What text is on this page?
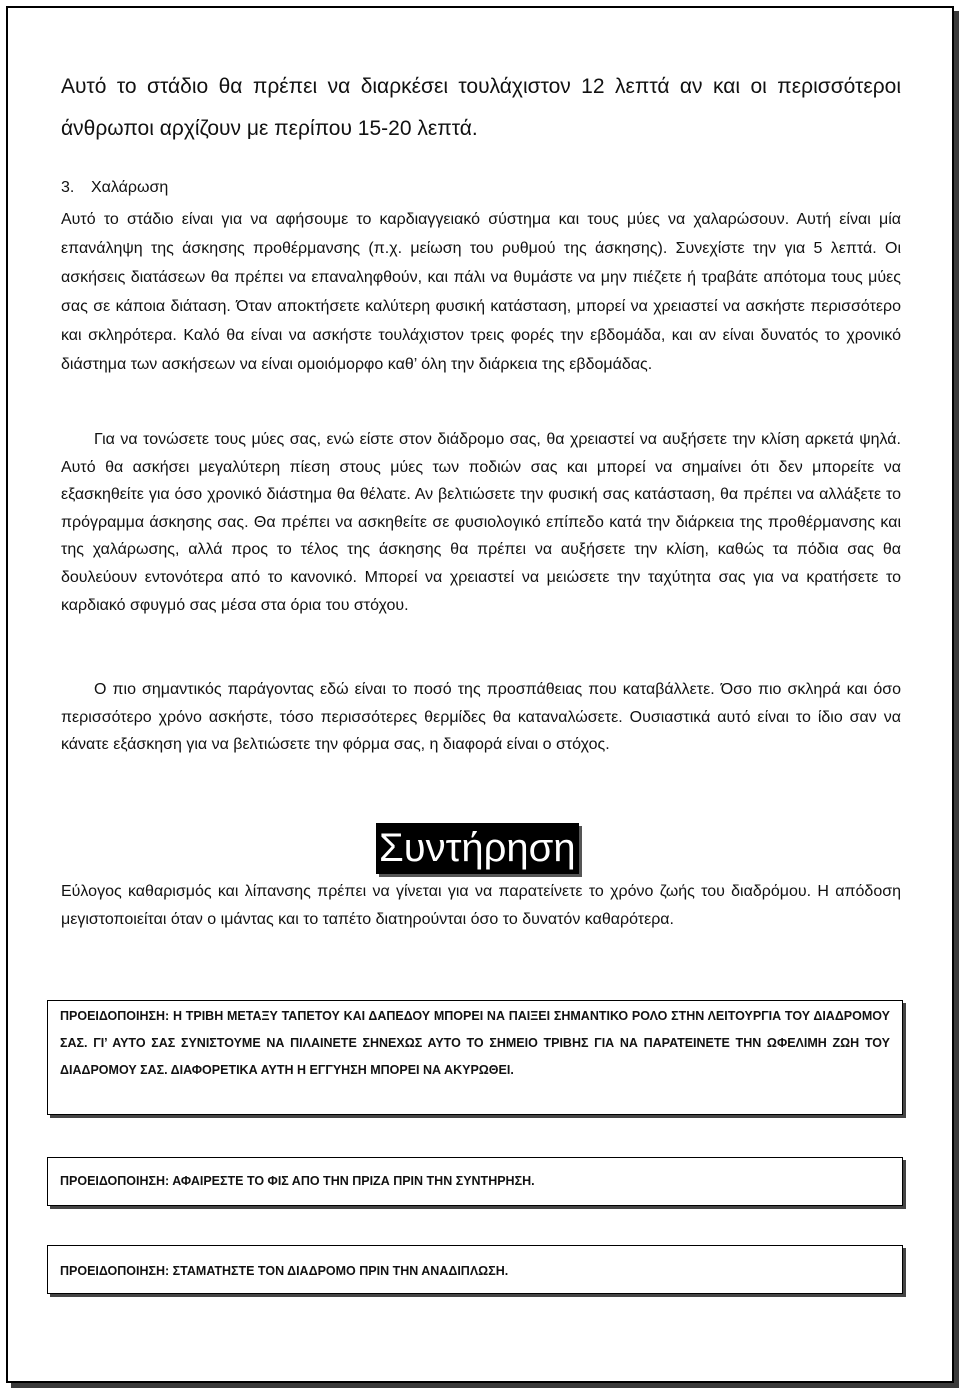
Αυτό το στάδιο θα πρέπει να διαρκέσει τουλάχιστον 12 λεπτά αν και οι περισσότεροι άνθρωποι αρχίζουν με περίπου 15-20 λεπτά.

3. Χαλάρωση

Αυτό το στάδιο είναι για να αφήσουμε το καρδιαγγειακό σύστημα και τους μύες να χαλαρώσουν. Αυτή είναι μία επανάληψη της άσκησης προθέρμανσης (π.χ. μείωση του ρυθμού της άσκησης). Συνεχίστε την για 5 λεπτά. Οι ασκήσεις διατάσεων θα πρέπει να επαναληφθούν, και πάλι να θυμάστε να μην πιέζετε ή τραβάτε απότομα τους μύες σας σε κάποια διάταση. Όταν αποκτήσετε καλύτερη φυσική κατάσταση, μπορεί να χρειαστεί να ασκήστε περισσότερο και σκληρότερα. Καλό θα είναι να ασκήστε τουλάχιστον τρεις φορές την εβδομάδα, και αν είναι δυνατός το χρονικό διάστημα των ασκήσεων να είναι ομοιόμορφο καθ’ όλη την διάρκεια της εβδομάδας.

Για να τονώσετε τους μύες σας, ενώ είστε στον διάδρομο σας, θα χρειαστεί να αυξήσετε την κλίση αρκετά ψηλά. Αυτό θα ασκήσει μεγαλύτερη πίεση στους μύες των ποδιών σας και μπορεί να σημαίνει ότι δεν μπορείτε να εξασκηθείτε για όσο χρονικό διάστημα θα θέλατε. Αν βελτιώσετε την φυσική σας κατάσταση, θα πρέπει να αλλάξετε το πρόγραμμα άσκησης σας. Θα πρέπει να ασκηθείτε σε φυσιολογικό επίπεδο κατά την διάρκεια της προθέρμανσης και της χαλάρωσης, αλλά προς το τέλος της άσκησης θα πρέπει να αυξήσετε την κλίση, καθώς τα πόδια σας θα δουλεύουν εντονότερα από το κανονικό. Μπορεί να χρειαστεί να μειώσετε την ταχύτητα σας για να κρατήσετε το καρδιακό σφυγμό σας μέσα στα όρια του στόχου.

Ο πιο σημαντικός παράγοντας εδώ είναι το ποσό της προσπάθειας που καταβάλλετε. Όσο πιο σκληρά και όσο περισσότερο χρόνο ασκήστε, τόσο περισσότερες θερμίδες θα καταναλώσετε. Ουσιαστικά αυτό είναι το ίδιο σαν να κάνατε εξάσκηση για να βελτιώσετε την φόρμα σας, η διαφορά είναι ο στόχος.

Συντήρηση

Εύλογος καθαρισμός και λίπανσης πρέπει να γίνεται για να παρατείνετε το χρόνο ζωής του διαδρόμου. Η απόδοση μεγιστοποιείται όταν ο ιμάντας και το ταπέτο διατηρούνται όσο το δυνατόν καθαρότερα.

ΠΡΟΕΙΔΟΠΟΙΗΣΗ: Η ΤΡΙΒΗ ΜΕΤΑΞΥ ΤΑΠΕΤΟΥ ΚΑΙ ΔΑΠΕΔΟΥ ΜΠΟΡΕΙ ΝΑ ΠΑΙΞΕΙ ΣΗΜΑΝΤΙΚΟ ΡΟΛΟ ΣΤΗΝ ΛΕΙΤΟΥΡΓΙΑ ΤΟΥ ΔΙΑΔΡΟΜΟΥ ΣΑΣ. ΓΙ’ ΑΥΤΟ ΣΑΣ ΣΥΝΙΣΤΟΥΜΕ ΝΑ ΠΙΛΑΙΝΕΤΕ ΣΗΝΕΧΩΣ ΑΥΤΟ ΤΟ ΣΗΜΕΙΟ ΤΡΙΒΗΣ ΓΙΑ ΝΑ ΠΑΡΑΤΕΙΝΕΤΕ ΤΗΝ ΩΦΕΛΙΜΗ ΖΩΗ ΤΟΥ ΔΙΑΔΡΟΜΟΥ ΣΑΣ. ΔΙΑΦΟΡΕΤΙΚΑ ΑΥΤΗ Η ΕΓΓΥΗΣΗ ΜΠΟΡΕΙ ΝΑ ΑΚΥΡΩΘΕΙ.

ΠΡΟΕΙΔΟΠΟΙΗΣΗ: ΑΦΑΙΡΕΣΤΕ ΤΟ ΦΙΣ ΑΠΟ ΤΗΝ ΠΡΙΖΑ ΠΡΙΝ ΤΗΝ ΣΥΝΤΗΡΗΣΗ.

ΠΡΟΕΙΔΟΠΟΙΗΣΗ: ΣΤΑΜΑΤΗΣΤΕ ΤΟΝ ΔΙΑΔΡΟΜΟ ΠΡΙΝ ΤΗΝ ΑΝΑΔΙΠΛΩΣΗ.
